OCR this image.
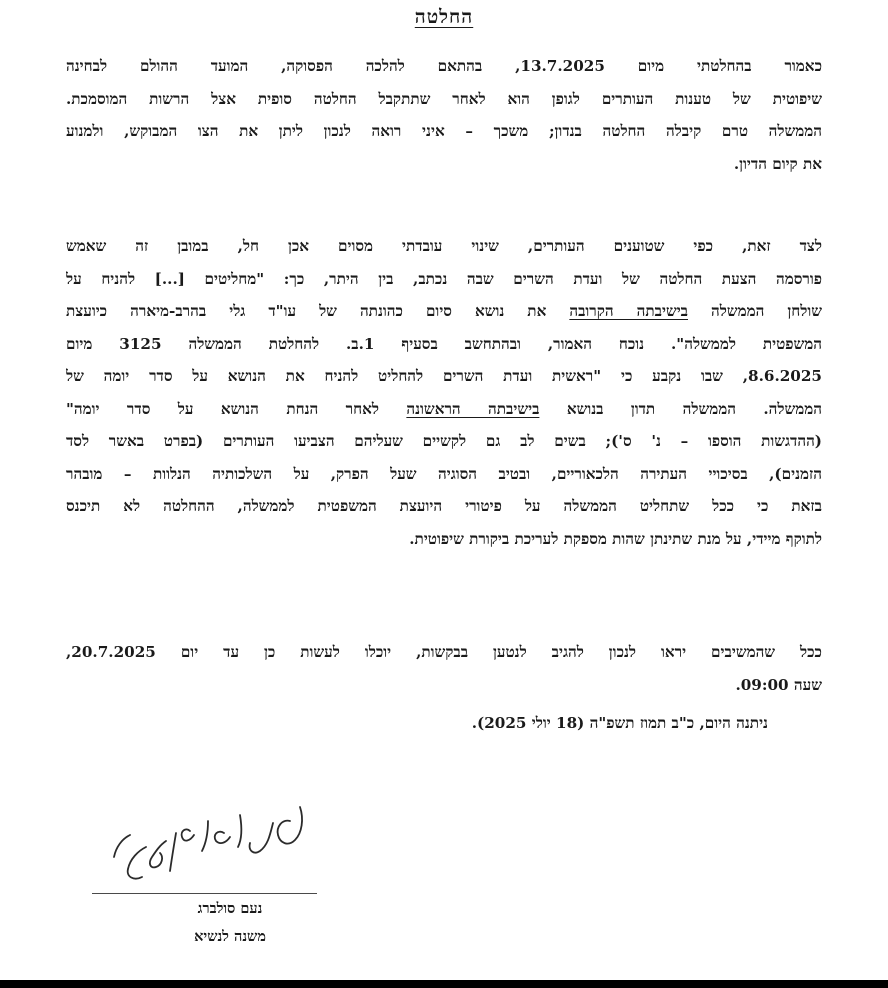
החלטה
כאמור בהחלטתי מיום 13.7.2025, בהתאם להלכה הפסוקה, המועד ההולם לבחינה
שיפוטית של טענות העותרים לגופן הוא לאחר שתתקבל החלטה סופית אצל הרשות המוסמכת.
הממשלה טרם קיבלה החלטה בנדון; משכך – איני רואה לנכון ליתן את הצו המבוקש, ולמנוע
את קיום הדיון.
לצד זאת, כפי שטוענים העותרים, שינוי עובדתי מסוים אכן חל, במובן זה שאמש
פורסמה הצעת החלטה של ועדת השרים שבה נכתב, בין היתר, כך: "מחליטים [...] להניח על
שולחן הממשלה בישיבתה הקרובה את נושא סיום כהונתה של עו"ד גלי בהרב-מיארה כיועצת
המשפטית לממשלה". נוכח האמור, ובהתחשב בסעיף 1.ב. להחלטת הממשלה 3125 מיום
8.6.2025, שבו נקבע כי "ראשית ועדת השרים להחליט להניח את הנושא על סדר יומה של
הממשלה. הממשלה תדון בנושא בישיבתה הראשונה לאחר הנחת הנושא על סדר יומה"
(ההדגשות הוספו – נ' ס'); בשים לב גם לקשיים שעליהם הצביעו העותרים (בפרט באשר לסד
הזמנים), בסיכויי העתירה הלכאוריים, ובטיב הסוגיה שעל הפרק, על השלכותיה הנלוות – מובהר
בזאת כי ככל שתחליט הממשלה על פיטורי היועצת המשפטית לממשלה, ההחלטה לא תיכנס
לתוקף מיידי, על מנת שתינתן שהות מספקת לעריכת ביקורת שיפוטית.
ככל שהמשיבים יראו לנכון להגיב לנטען בבקשות, יוכלו לעשות כן עד יום 20.7.2025,
שעה 09:00.
ניתנה היום, כ"ב תמוז תשפ"ה (18 יולי 2025).
נעם סולברג
משנה לנשיא
